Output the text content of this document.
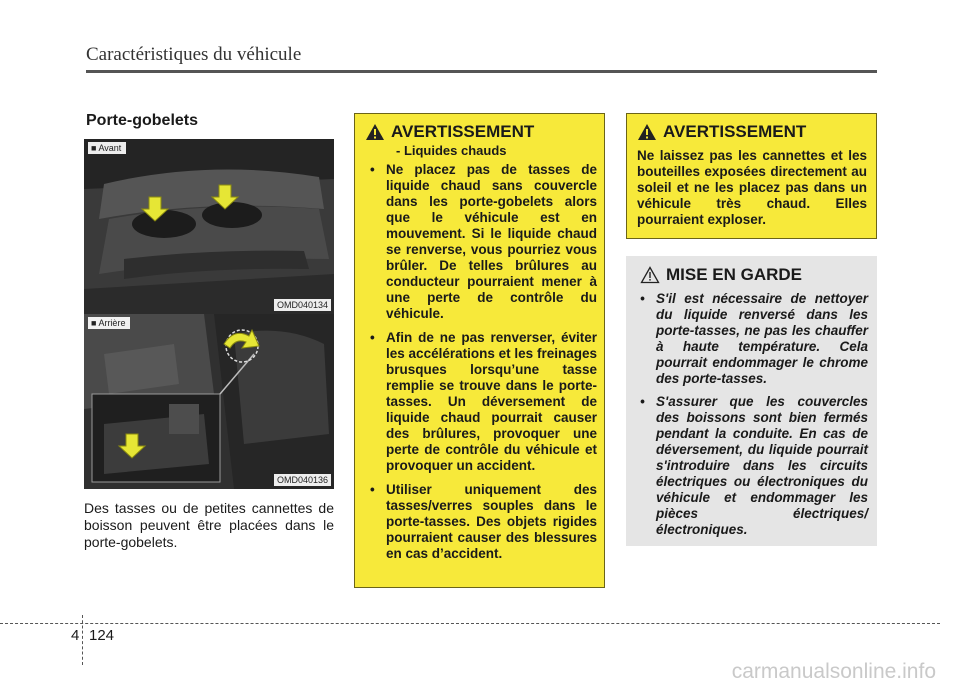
Caractéristiques du véhicule
Porte-gobelets
■ Avant
OMD040134
■ Arrière
OMD040136
Des tasses ou de petites cannettes de boisson peuvent être placées dans le porte-gobelets.
AVERTISSEMENT
- Liquides chauds
• Ne placez pas de tasses de liquide chaud sans couvercle dans les porte-gobelets alors que le véhicule est en mouvement. Si le liquide chaud se renverse, vous pourriez vous brûler. De telles brûlures au conducteur pourraient mener à une perte de contrôle du véhicule.
• Afin de ne pas renverser, éviter les accélérations et les freinages brusques lorsqu’une tasse remplie se trouve dans le porte-tasses. Un déversement de liquide chaud pourrait causer des brûlures, provoquer une perte de contrôle du véhicule et provoquer un accident.
• Utiliser uniquement des tasses/verres souples dans le porte-tasses. Des objets rigides pourraient causer des blessures en cas d’accident.
AVERTISSEMENT
Ne laissez pas les cannettes et les bouteilles exposées directement au soleil et ne les placez pas dans un véhicule très chaud. Elles pourraient exploser.
MISE EN GARDE
• S'il est nécessaire de nettoyer du liquide renversé dans les porte-tasses, ne pas les chauffer à haute température. Cela pourrait endommager le chrome des porte-tasses.
• S'assurer que les couvercles des boissons sont bien fermés pendant la conduite. En cas de déversement, du liquide pourrait s'introduire dans les circuits électriques ou électroniques du véhicule et endommager les pièces électriques/électroniques.
4 124
carmanualsonline.info
